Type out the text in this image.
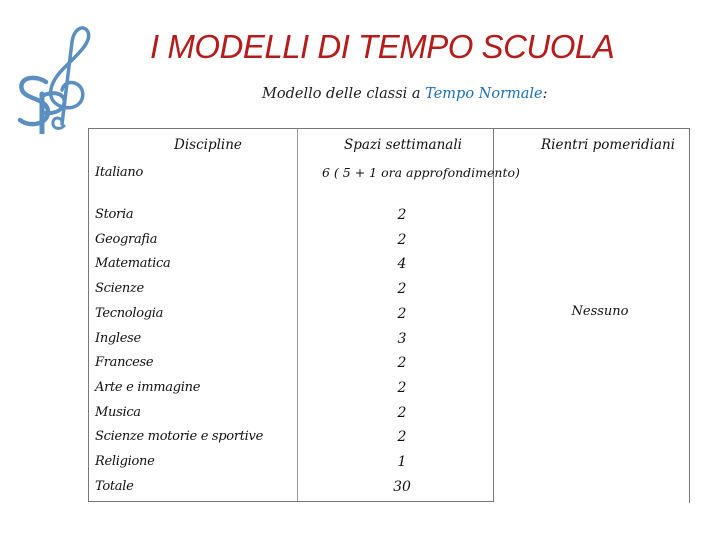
I MODELLI DI TEMPO SCUOLA
Modello delle classi a Tempo Normale:
Discipline	Spazi settimanali	Rientri pomeridiani
Italiano	6 ( 5 + 1 ora approfondimento)
Storia	2
Geografia	2
Matematica	4
Scienze	2
Tecnologia	2
Inglese	3
Francese	2
Arte e immagine	2
Musica	2
Scienze motorie e sportive	2
Religione	1
Totale	30
Nessuno
